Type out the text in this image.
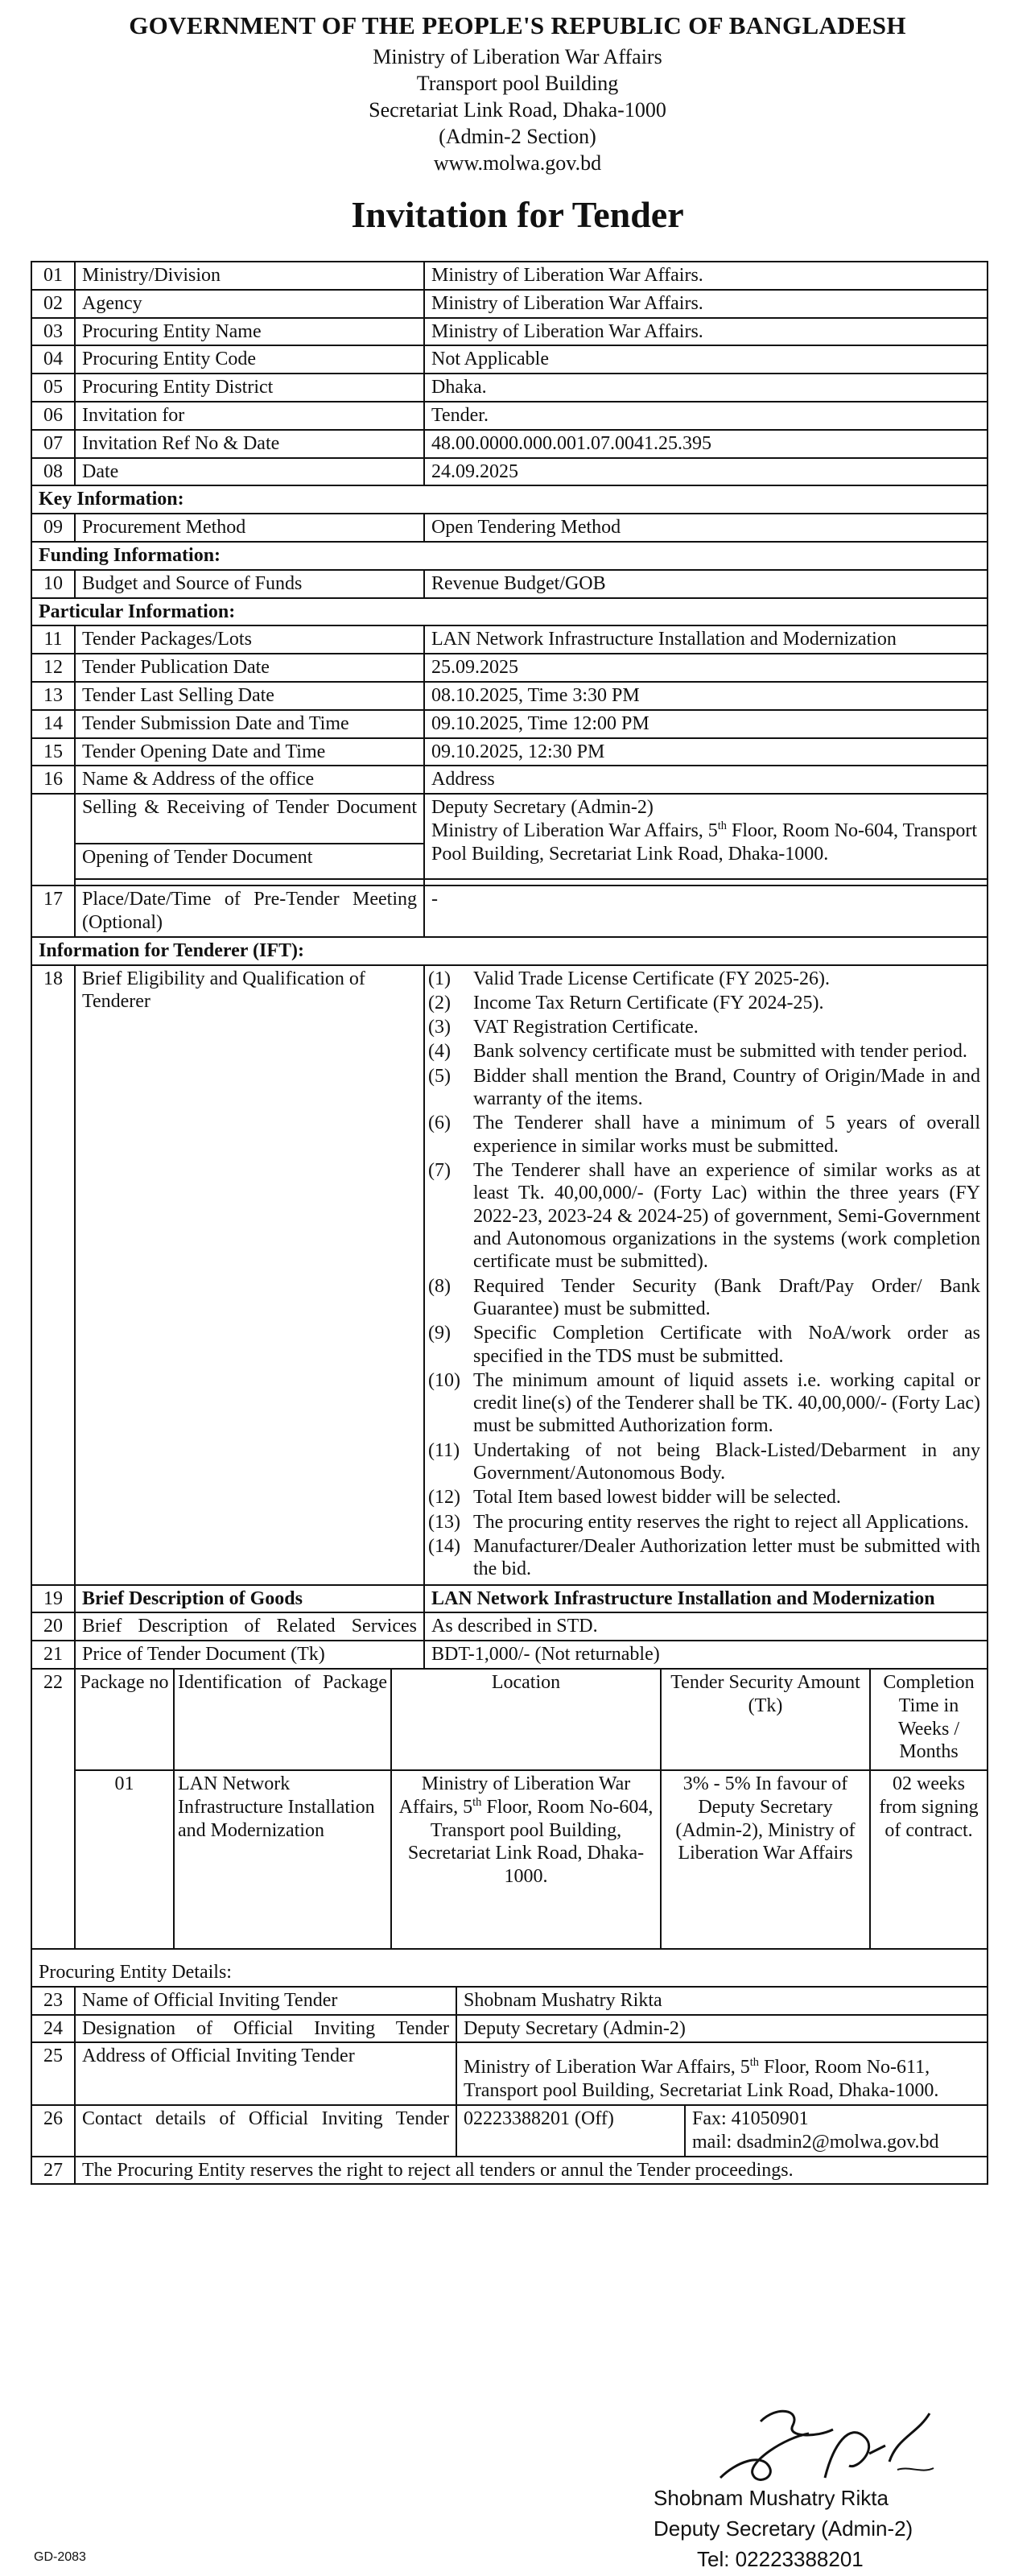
GOVERNMENT OF THE PEOPLE'S REPUBLIC OF BANGLADESH
Ministry of Liberation War Affairs
Transport pool Building
Secretariat Link Road, Dhaka-1000
(Admin-2 Section)
www.molwa.gov.bd
Invitation for Tender
01	Ministry/Division	Ministry of Liberation War Affairs.
02	Agency	Ministry of Liberation War Affairs.
03	Procuring Entity Name	Ministry of Liberation War Affairs.
04	Procuring Entity Code	Not Applicable
05	Procuring Entity District	Dhaka.
06	Invitation for	Tender.
07	Invitation Ref No & Date	48.00.0000.000.001.07.0041.25.395
08	Date	24.09.2025
Key Information:
09	Procurement Method	Open Tendering Method
Funding Information:
10	Budget and Source of Funds	Revenue Budget/GOB
Particular Information:
11	Tender Packages/Lots	LAN Network Infrastructure Installation and Modernization
12	Tender Publication Date	25.09.2025
13	Tender Last Selling Date	08.10.2025, Time 3:30 PM
14	Tender Submission Date and Time	09.10.2025, Time 12:00 PM
15	Tender Opening Date and Time	09.10.2025, 12:30 PM
16	Name & Address of the office	Address
	Selling & Receiving of Tender Document	Deputy Secretary (Admin-2)
Ministry of Liberation War Affairs, 5th Floor, Room No-604, Transport Pool Building, Secretariat Link Road, Dhaka-1000.

Opening of Tender Document

17	Place/Date/Time of Pre-Tender Meeting (Optional)	-
Information for Tenderer (IFT):
18	Brief Eligibility and Qualification of Tenderer	
(1)	Valid Trade License Certificate (FY 2025-26).
(2)	Income Tax Return Certificate (FY 2024-25).
(3)	VAT Registration Certificate.
(4)	Bank solvency certificate must be submitted with tender period.
(5)	Bidder shall mention the Brand, Country of Origin/Made in and warranty of the items.
(6)	The Tenderer shall have a minimum of 5 years of overall experience in similar works must be submitted.
(7)	The Tenderer shall have an experience of similar works as at least Tk. 40,00,000/- (Forty Lac) within the three years (FY 2022-23, 2023-24 & 2024-25) of government, Semi-Government and Autonomous organizations in the systems (work completion certificate must be submitted).
(8)	Required Tender Security (Bank Draft/Pay Order/ Bank Guarantee) must be submitted.
(9)	Specific Completion Certificate with NoA/work order as specified in the TDS must be submitted.
(10) The minimum amount of liquid assets i.e. working capital or credit line(s) of the Tenderer shall be TK. 40,00,000/- (Forty Lac) must be submitted Authorization form.
(11) Undertaking of not being Black-Listed/Debarment in any Government/Autonomous Body.
(12) Total Item based lowest bidder will be selected.
(13) The procuring entity reserves the right to reject all Applications.
(14) Manufacturer/Dealer Authorization letter must be submitted with the bid.

19	Brief Description of Goods	LAN Network Infrastructure Installation and Modernization
20	Brief Description of Related Services	As described in STD.
21	Price of Tender Document (Tk)	BDT-1,000/- (Not returnable)
22	Package no	Identification of Package	Location	Tender Security Amount (Tk)	Completion Time in Weeks / Months
01	LAN Network Infrastructure Installation and Modernization	Ministry of Liberation War Affairs, 5th Floor, Room No-604, Transport pool Building, Secretariat Link Road, Dhaka-1000.	3% - 5% In favour of Deputy Secretary (Admin-2), Ministry of Liberation War Affairs	02 weeks from signing of contract.

Procuring Entity Details:
23	Name of Official Inviting Tender	Shobnam Mushatry Rikta
24	Designation of Official Inviting Tender	Deputy Secretary (Admin-2)
25	Address of Official Inviting Tender	Ministry of Liberation War Affairs, 5th Floor, Room No-611, Transport pool Building, Secretariat Link Road, Dhaka-1000.
26	Contact details of Official Inviting Tender	02223388201 (Off)	Fax: 41050901
mail: dsadmin2@molwa.gov.bd

27	The Procuring Entity reserves the right to reject all tenders or annul the Tender proceedings.
Shobnam Mushatry Rikta
Deputy Secretary (Admin-2)
Tel: 02223388201
GD-2083
